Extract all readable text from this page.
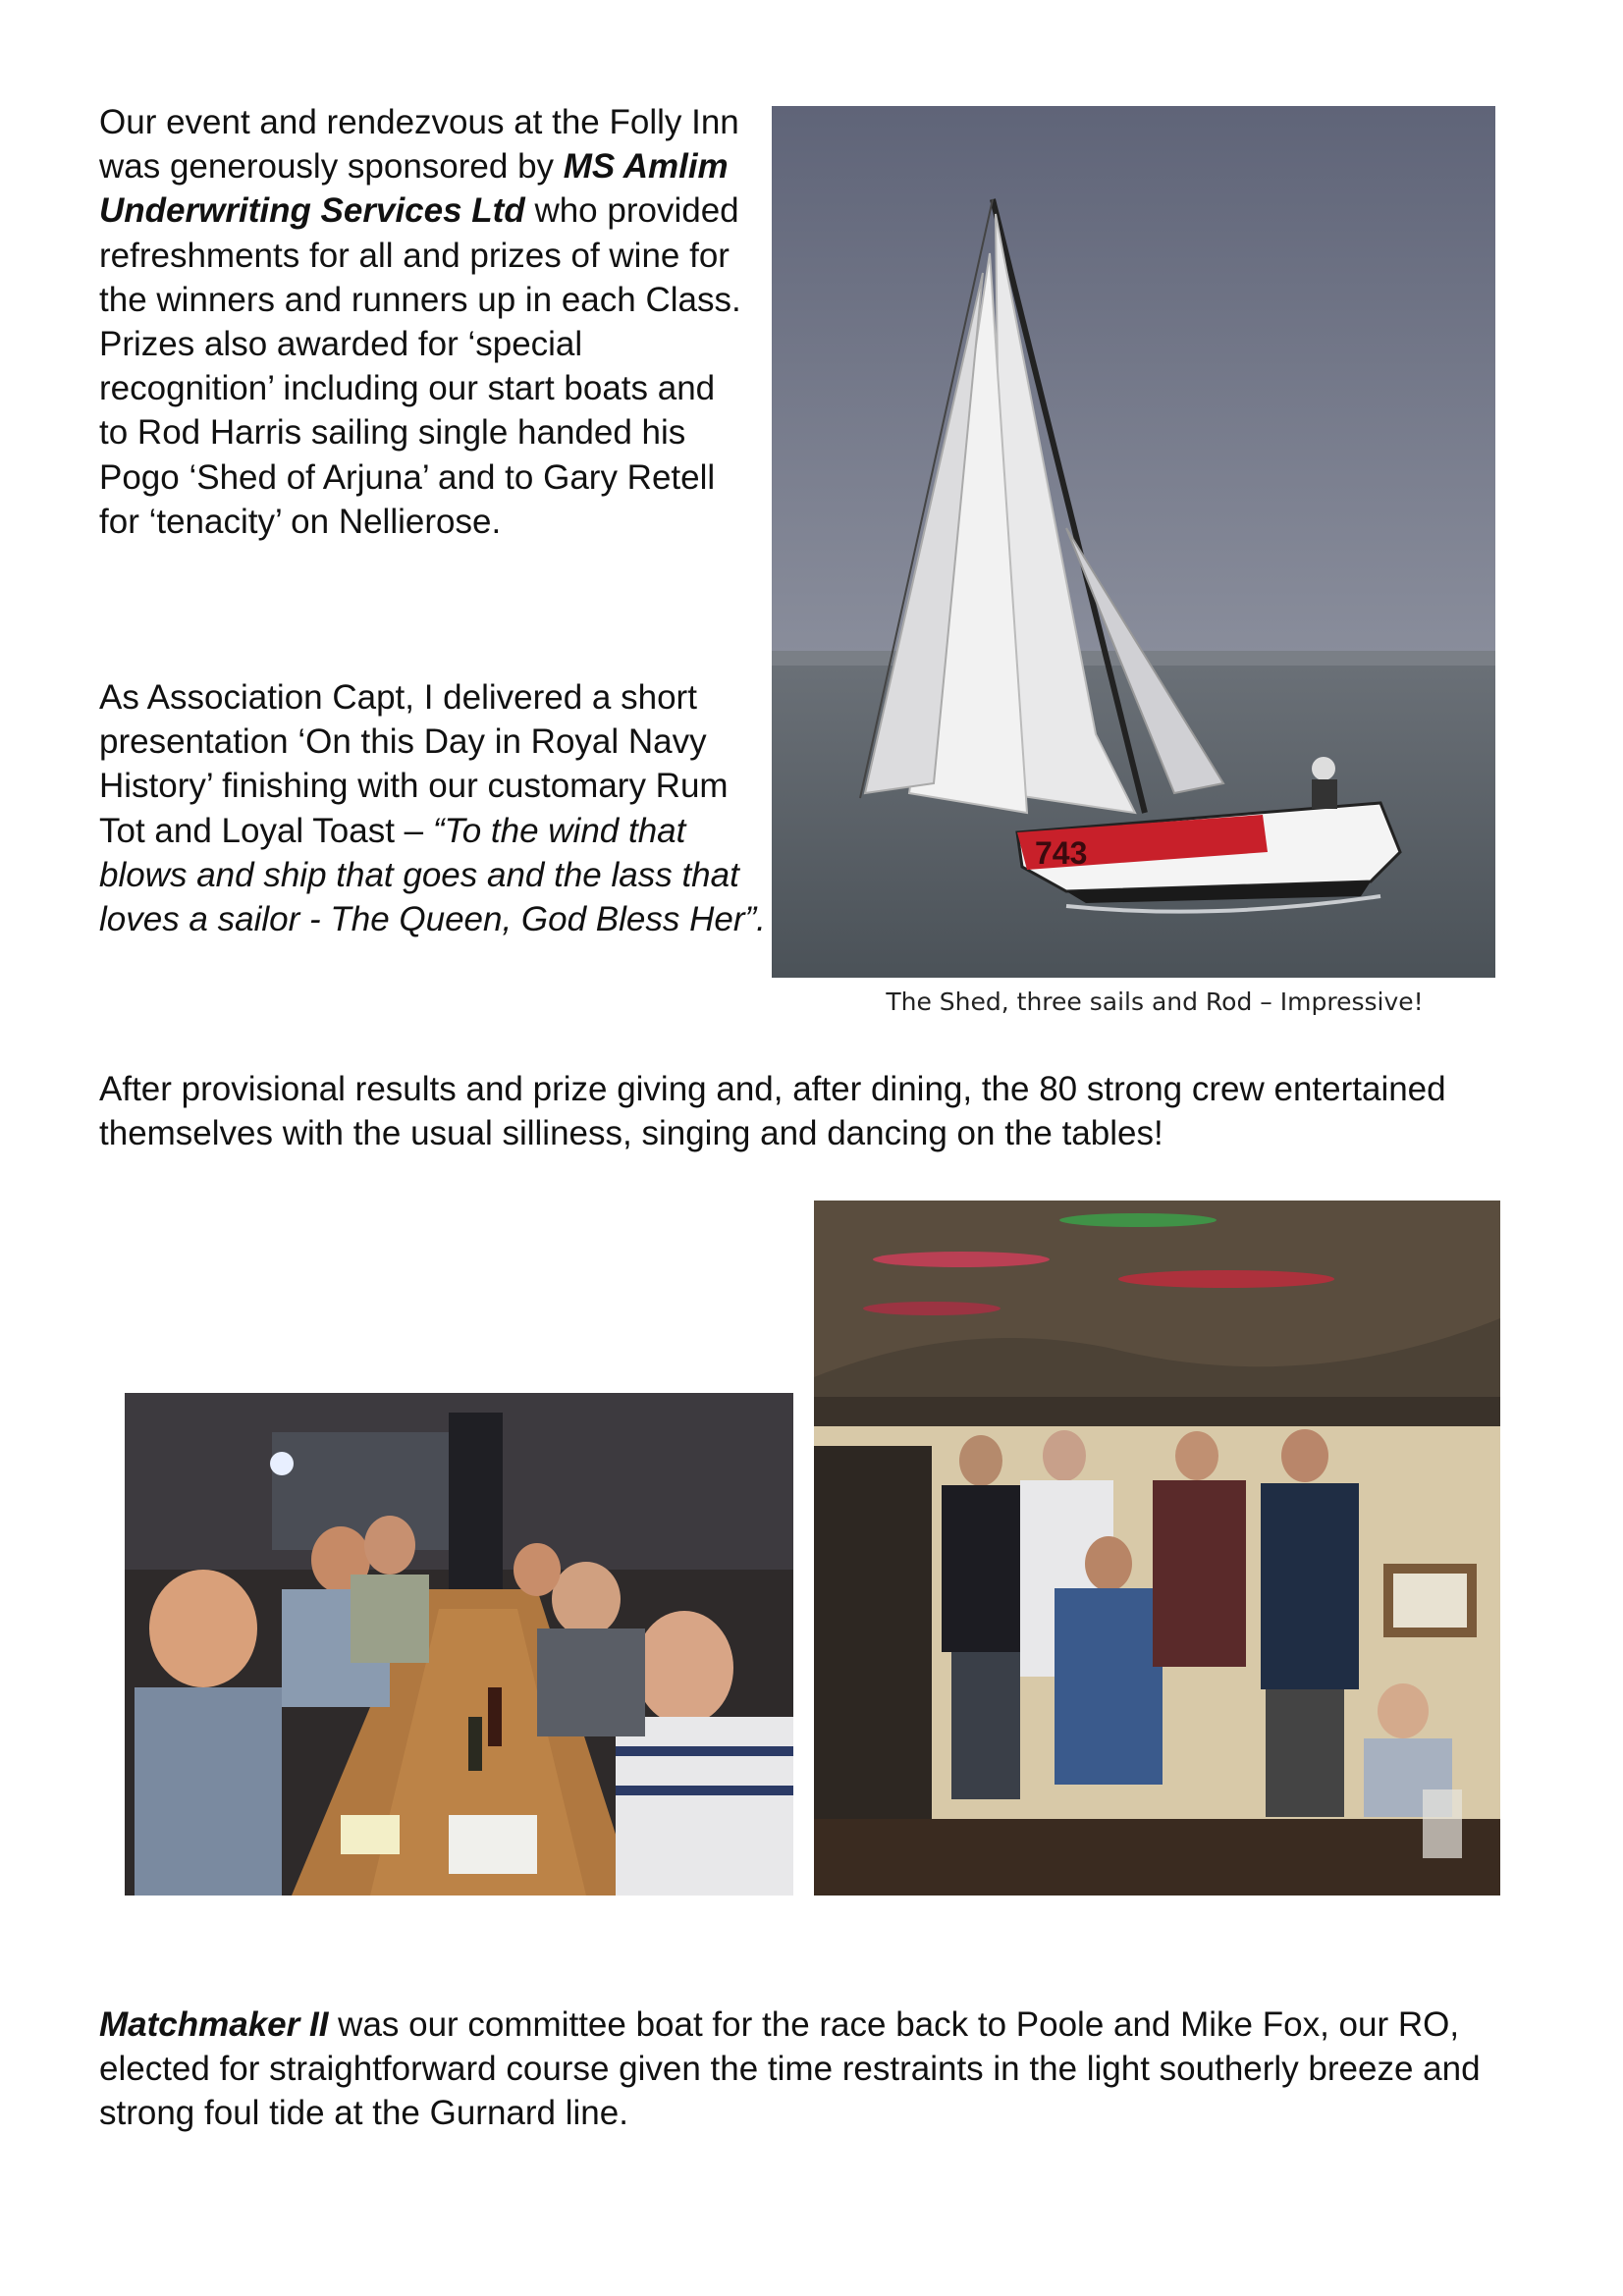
Our event and rendezvous at the Folly Inn was generously sponsored by MS Amlim Underwriting Services Ltd who provided refreshments for all and prizes of wine for the winners and runners up in each Class. Prizes also awarded for ‘special recognition’ including our start boats and to Rod Harris sailing single handed his Pogo ‘Shed of Arjuna’ and to Gary Retell for ‘tenacity’ on Nellierose.
As Association Capt, I delivered a short presentation ‘On this Day in Royal Navy History’ finishing with our customary Rum Tot and Loyal Toast – “To the wind that blows and ship that goes and the lass that loves a sailor - The Queen, God Bless Her”.
743
The Shed, three sails and Rod – Impressive!
After provisional results and prize giving and, after dining, the 80 strong crew entertained themselves with the usual silliness, singing and dancing on the tables!
Matchmaker II was our committee boat for the race back to Poole and Mike Fox, our RO, elected for straightforward course given the time restraints in the light southerly breeze and strong foul tide at the Gurnard line.
